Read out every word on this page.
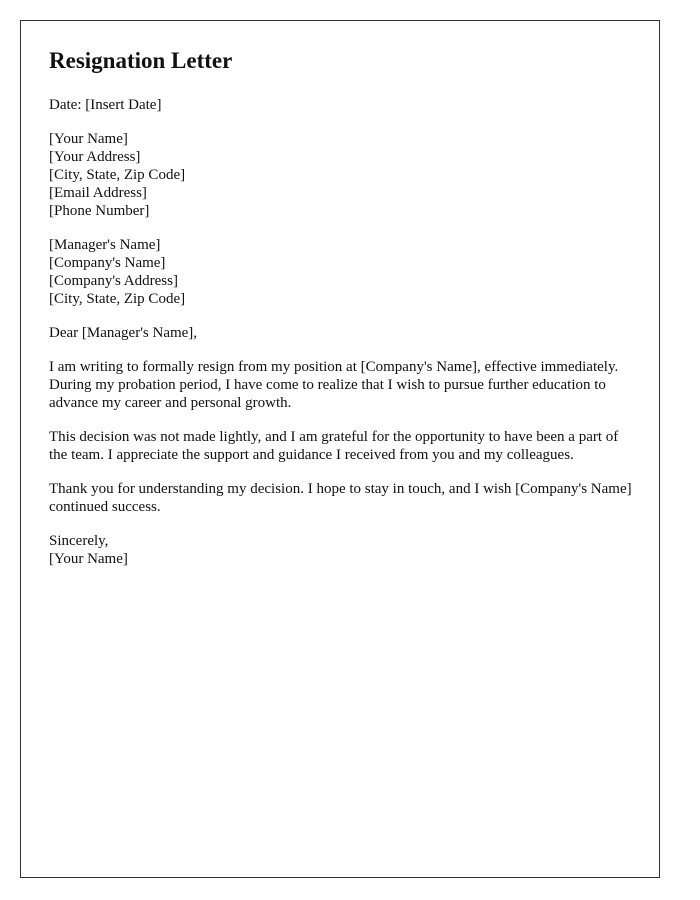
Resignation Letter
Date: [Insert Date]
[Your Name]
[Your Address]
[City, State, Zip Code]
[Email Address]
[Phone Number]
[Manager's Name]
[Company's Name]
[Company's Address]
[City, State, Zip Code]
Dear [Manager's Name],

I am writing to formally resign from my position at [Company's Name], effective immediately. During my probation period, I have come to realize that I wish to pursue further education to advance my career and personal growth.

This decision was not made lightly, and I am grateful for the opportunity to have been a part of the team. I appreciate the support and guidance I received from you and my colleagues.

Thank you for understanding my decision. I hope to stay in touch, and I wish [Company's Name] continued success.

Sincerely,
[Your Name]
